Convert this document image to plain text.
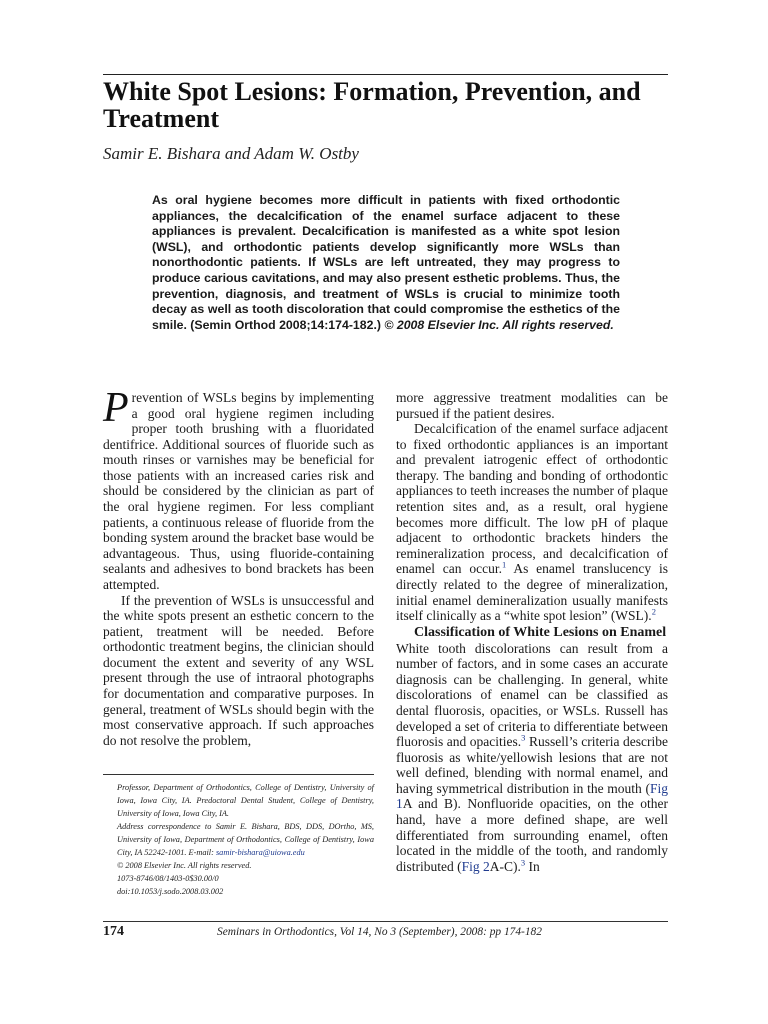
White Spot Lesions: Formation, Prevention, and Treatment
Samir E. Bishara and Adam W. Ostby

As oral hygiene becomes more difficult in patients with fixed orthodontic appliances, the decalcification of the enamel surface adjacent to these appliances is prevalent. Decalcification is manifested as a white spot lesion (WSL), and orthodontic patients develop significantly more WSLs than nonorthodontic patients. If WSLs are left untreated, they may progress to produce carious cavitations, and may also present esthetic problems. Thus, the prevention, diagnosis, and treatment of WSLs is crucial to minimize tooth decay as well as tooth discoloration that could compromise the esthetics of the smile. (Semin Orthod 2008;14:174-182.) © 2008 Elsevier Inc. All rights reserved.

Prevention of WSLs begins by implementing a good oral hygiene regimen including proper tooth brushing with a fluoridated dentifrice. Additional sources of fluoride such as mouth rinses or varnishes may be beneficial for those patients with an increased caries risk and should be considered by the clinician as part of the oral hygiene regimen. For less compliant patients, a continuous release of fluoride from the bonding system around the bracket base would be advantageous. Thus, using fluoride-containing sealants and adhesives to bond brackets has been attempted.

If the prevention of WSLs is unsuccessful and the white spots present an esthetic concern to the patient, treatment will be needed. Before orthodontic treatment begins, the clinician should document the extent and severity of any WSL present through the use of intraoral photographs for documentation and comparative purposes. In general, treatment of WSLs should begin with the most conservative approach. If such approaches do not resolve the problem,

more aggressive treatment modalities can be pursued if the patient desires.

Decalcification of the enamel surface adjacent to fixed orthodontic appliances is an important and prevalent iatrogenic effect of orthodontic therapy. The banding and bonding of orthodontic appliances to teeth increases the number of plaque retention sites and, as a result, oral hygiene becomes more difficult. The low pH of plaque adjacent to orthodontic brackets hinders the remineralization process, and decalcification of enamel can occur.$^1$ As enamel translucency is directly related to the degree of mineralization, initial enamel demineralization usually manifests itself clinically as a “white spot lesion” (WSL).$^2$

Classification of White Lesions on Enamel

White tooth discolorations can result from a number of factors, and in some cases an accurate diagnosis can be challenging. In general, white discolorations of enamel can be classified as dental fluorosis, opacities, or WSLs. Russell has developed a set of criteria to differentiate between fluorosis and opacities.$^3$ Russell’s criteria describe fluorosis as white/yellowish lesions that are not well defined, blending with normal enamel, and having symmetrical distribution in the mouth (Fig 1A and B). Nonfluoride opacities, on the other hand, have a more defined shape, are well differentiated from surrounding enamel, often located in the middle of the tooth, and randomly distributed (Fig 2A-C).$^3$ In

Professor, Department of Orthodontics, College of Dentistry, University of Iowa, Iowa City, IA. Predoctoral Dental Student, College of Dentistry, University of Iowa, Iowa City, IA.

Address correspondence to Samir E. Bishara, BDS, DDS, DOrtho, MS, University of Iowa, Department of Orthodontics, College of Dentistry, Iowa City, IA 52242-1001. E-mail: samir-bishara@uiowa.edu

© 2008 Elsevier Inc. All rights reserved.

1073-8746/08/1403-0$30.00/0

doi:10.1053/j.sodo.2008.03.002

174	Seminars in Orthodontics, Vol 14, No 3 (September), 2008: pp 174-182
